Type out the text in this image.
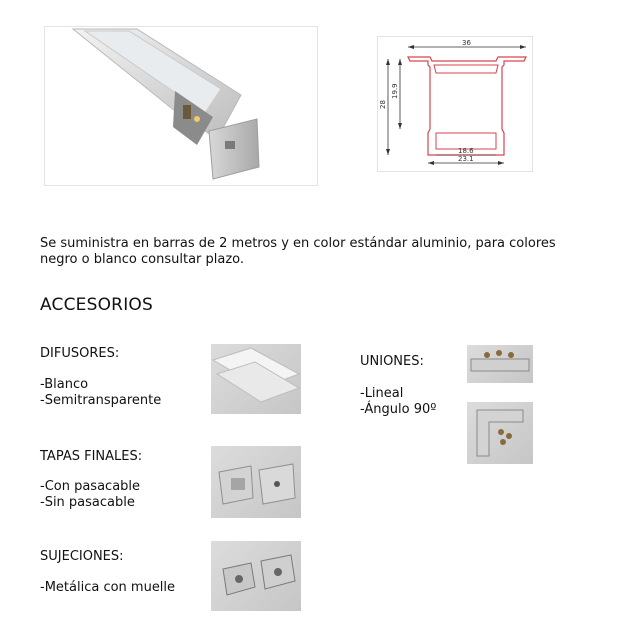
36
28
19.9
18.6
23.1
Se suministra en barras de 2 metros y en color estándar aluminio, para colores
negro o blanco consultar plazo.
ACCESORIOS
DIFUSORES:
-Blanco
-Semitransparente
TAPAS FINALES:
-Con pasacable
-Sin pasacable
SUJECIONES:
-Metálica con muelle
UNIONES:
-Lineal
-Ángulo 90º
